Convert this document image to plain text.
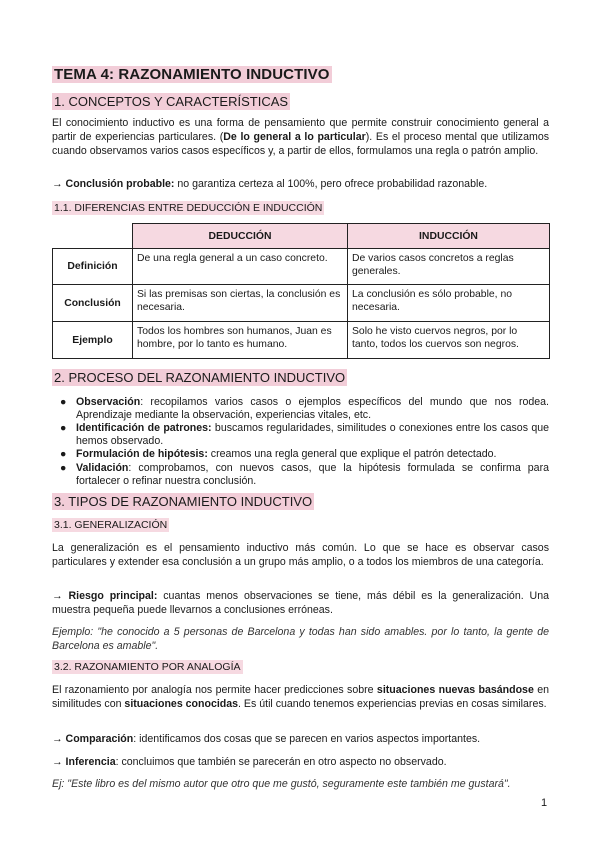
TEMA 4: RAZONAMIENTO INDUCTIVO
1. CONCEPTOS Y CARACTERÍSTICAS
El conocimiento inductivo es una forma de pensamiento que permite construir conocimiento general a partir de experiencias particulares. (De lo general a lo particular). Es el proceso mental que utilizamos cuando observamos varios casos específicos y, a partir de ellos, formulamos una regla o patrón amplio.
→ Conclusión probable: no garantiza certeza al 100%, pero ofrece probabilidad razonable.
1.1. DIFERENCIAS ENTRE DEDUCCIÓN E INDUCCIÓN
	DEDUCCIÓN	INDUCCIÓN
Definición	De una regla general a un caso concreto.	De varios casos concretos a reglas generales.
Conclusión	Si las premisas son ciertas, la conclusión es necesaria.	La conclusión es sólo probable, no necesaria.
Ejemplo	Todos los hombres son humanos, Juan es hombre, por lo tanto es humano.	Solo he visto cuervos negros, por lo tanto, todos los cuervos son negros.
2. PROCESO DEL RAZONAMIENTO INDUCTIVO
● Observación: recopilamos varios casos o ejemplos específicos del mundo que nos rodea. Aprendizaje mediante la observación, experiencias vitales, etc.
● Identificación de patrones: buscamos regularidades, similitudes o conexiones entre los casos que hemos observado.
● Formulación de hipótesis: creamos una regla general que explique el patrón detectado.
● Validación: comprobamos, con nuevos casos, que la hipótesis formulada se confirma para fortalecer o refinar nuestra conclusión.
3. TIPOS DE RAZONAMIENTO INDUCTIVO
3.1. GENERALIZACIÓN
La generalización es el pensamiento inductivo más común. Lo que se hace es observar casos particulares y extender esa conclusión a un grupo más amplio, o a todos los miembros de una categoría.
→ Riesgo principal: cuantas menos observaciones se tiene, más débil es la generalización. Una muestra pequeña puede llevarnos a conclusiones erróneas.
Ejemplo: "he conocido a 5 personas de Barcelona y todas han sido amables. por lo tanto, la gente de Barcelona es amable".
3.2. RAZONAMIENTO POR ANALOGÍA
El razonamiento por analogía nos permite hacer predicciones sobre situaciones nuevas basándose en similitudes con situaciones conocidas. Es útil cuando tenemos experiencias previas en cosas similares.
→ Comparación: identificamos dos cosas que se parecen en varios aspectos importantes.
→ Inferencia: concluimos que también se parecerán en otro aspecto no observado.
Ej: "Este libro es del mismo autor que otro que me gustó, seguramente este también me gustará".
1
